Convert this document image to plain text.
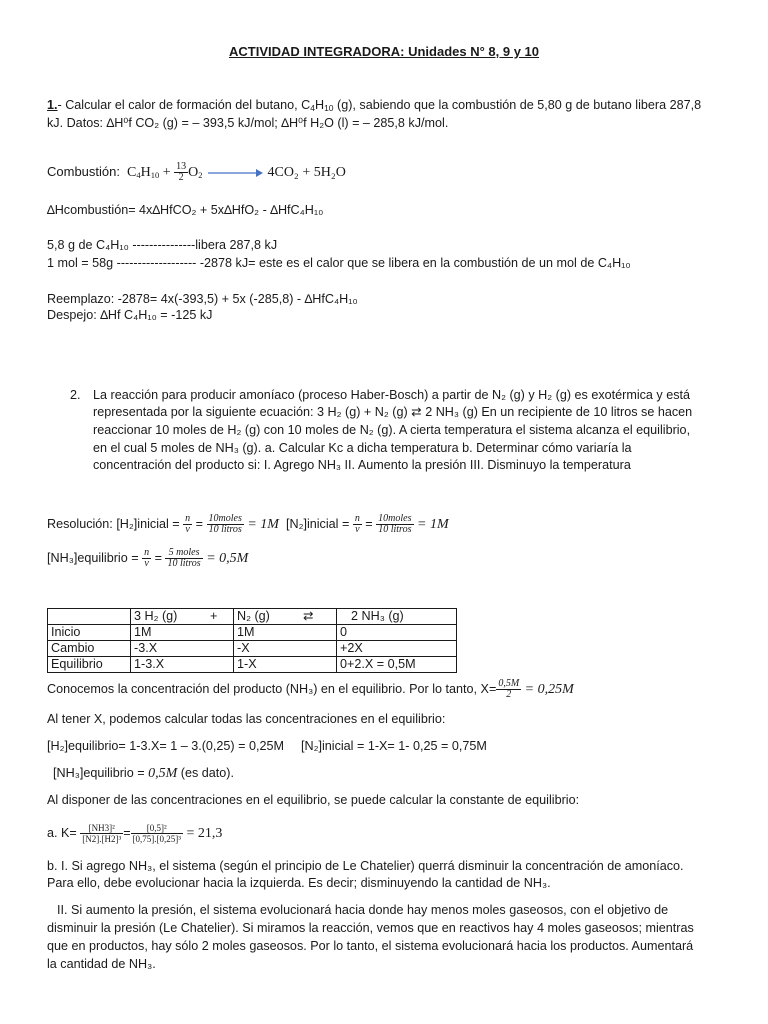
ACTIVIDAD INTEGRADORA: Unidades N° 8, 9 y 10
1.- Calcular el calor de formación del butano, $C_4H_{10}$ (g), sabiendo que la combustión de 5,80 g de butano libera 287,8
kJ. Datos: ∆H⁰f CO₂ (g) = – 393,5 kJ/mol; ∆H⁰f H₂O (l) = – 285,8 kJ/mol.
Combustión:  $C_4H_{10} + \frac{13}{2} O_2$	4CO₂ + 5H₂O
∆Hcombustión= 4x∆HfCO₂ + 5x∆HfO₂ - ∆HfC₄H₁₀
5,8 g de C₄H₁₀ ---------------libera 287,8 kJ
1 mol = 58g ------------------- -2878 kJ= este es el calor que se libera en la combustión de un mol de C₄H₁₀
Reemplazo: -2878= 4x(-393,5) + 5x (-285,8) - ∆HfC₄H₁₀
Despejo: ∆Hf C₄H₁₀ = -125 kJ
2. La reacción para producir amoníaco (proceso Haber-Bosch) a partir de N₂ (g) y H₂ (g) es exotérmica y está
representada por la siguiente ecuación: 3 H₂ (g) + N₂ (g) ⇄ 2 NH₃ (g) En un recipiente de 10 litros se hacen
reaccionar 10 moles de H₂ (g) con 10 moles de N₂ (g). A cierta temperatura el sistema alcanza el equilibrio,
en el cual 5 moles de NH₃ (g). a. Calcular Kc a dicha temperatura b. Determinar cómo variaría la
concentración del producto si: I. Agrego NH₃ II. Aumento la presión III. Disminuyo la temperatura
Resolución: [H₂]inicial = $\frac{n}{v} = \frac{\text{10moles}}{\text{10 litros}} = 1M$ [N₂]inicial = $\frac{n}{v} = \frac{\text{10moles}}{\text{10 litros}} = 1M$
[NH₃]equilibrio = $\frac{n}{v} = \frac{\text{5 moles}}{\text{10 litros}} = 0,5M$
	3 H₂ (g)	+	N₂ (g)	⇄	2 NH₃ (g)
Inicio	1M		1M		0
Cambio	-3.X		-X		+2X
Equilibrio	1-3.X		1-X		0+2.X = 0,5M
Conocemos la concentración del producto (NH₃) en el equilibrio. Por lo tanto, $X= \frac{0,5M}{2} = 0,25M$
Al tener X, podemos calcular todas las concentraciones en el equilibrio:
[H₂]equilibrio= 1-3.X= 1 – 3.(0,25) = 0,25M [N₂]inicial = 1-X= 1- 0,25 = 0,75M
[NH₃]equilibrio = 0,5M (es dato).
Al disponer de las concentraciones en el equilibrio, se puede calcular la constante de equilibrio:
a. $K= \frac{\text{[NH3]²}}{\text{[N2].[H2]³}} = \frac{\text{[0,5]²}}{\text{[0,75].[0,25]³}} = 21,3$
b. I. Si agrego NH₃, el sistema (según el principio de Le Chatelier) querrá disminuir la concentración de amoníaco.
Para ello, debe evolucionar hacia la izquierda. Es decir; disminuyendo la cantidad de NH₃.
II. Si aumento la presión, el sistema evolucionará hacia donde hay menos moles gaseosos, con el objetivo de
disminuir la presión (Le Chatelier). Si miramos la reacción, vemos que en reactivos hay 4 moles gaseosos; mientras
que en productos, hay sólo 2 moles gaseosos. Por lo tanto, el sistema evolucionará hacia los productos. Aumentará
la cantidad de NH₃.
